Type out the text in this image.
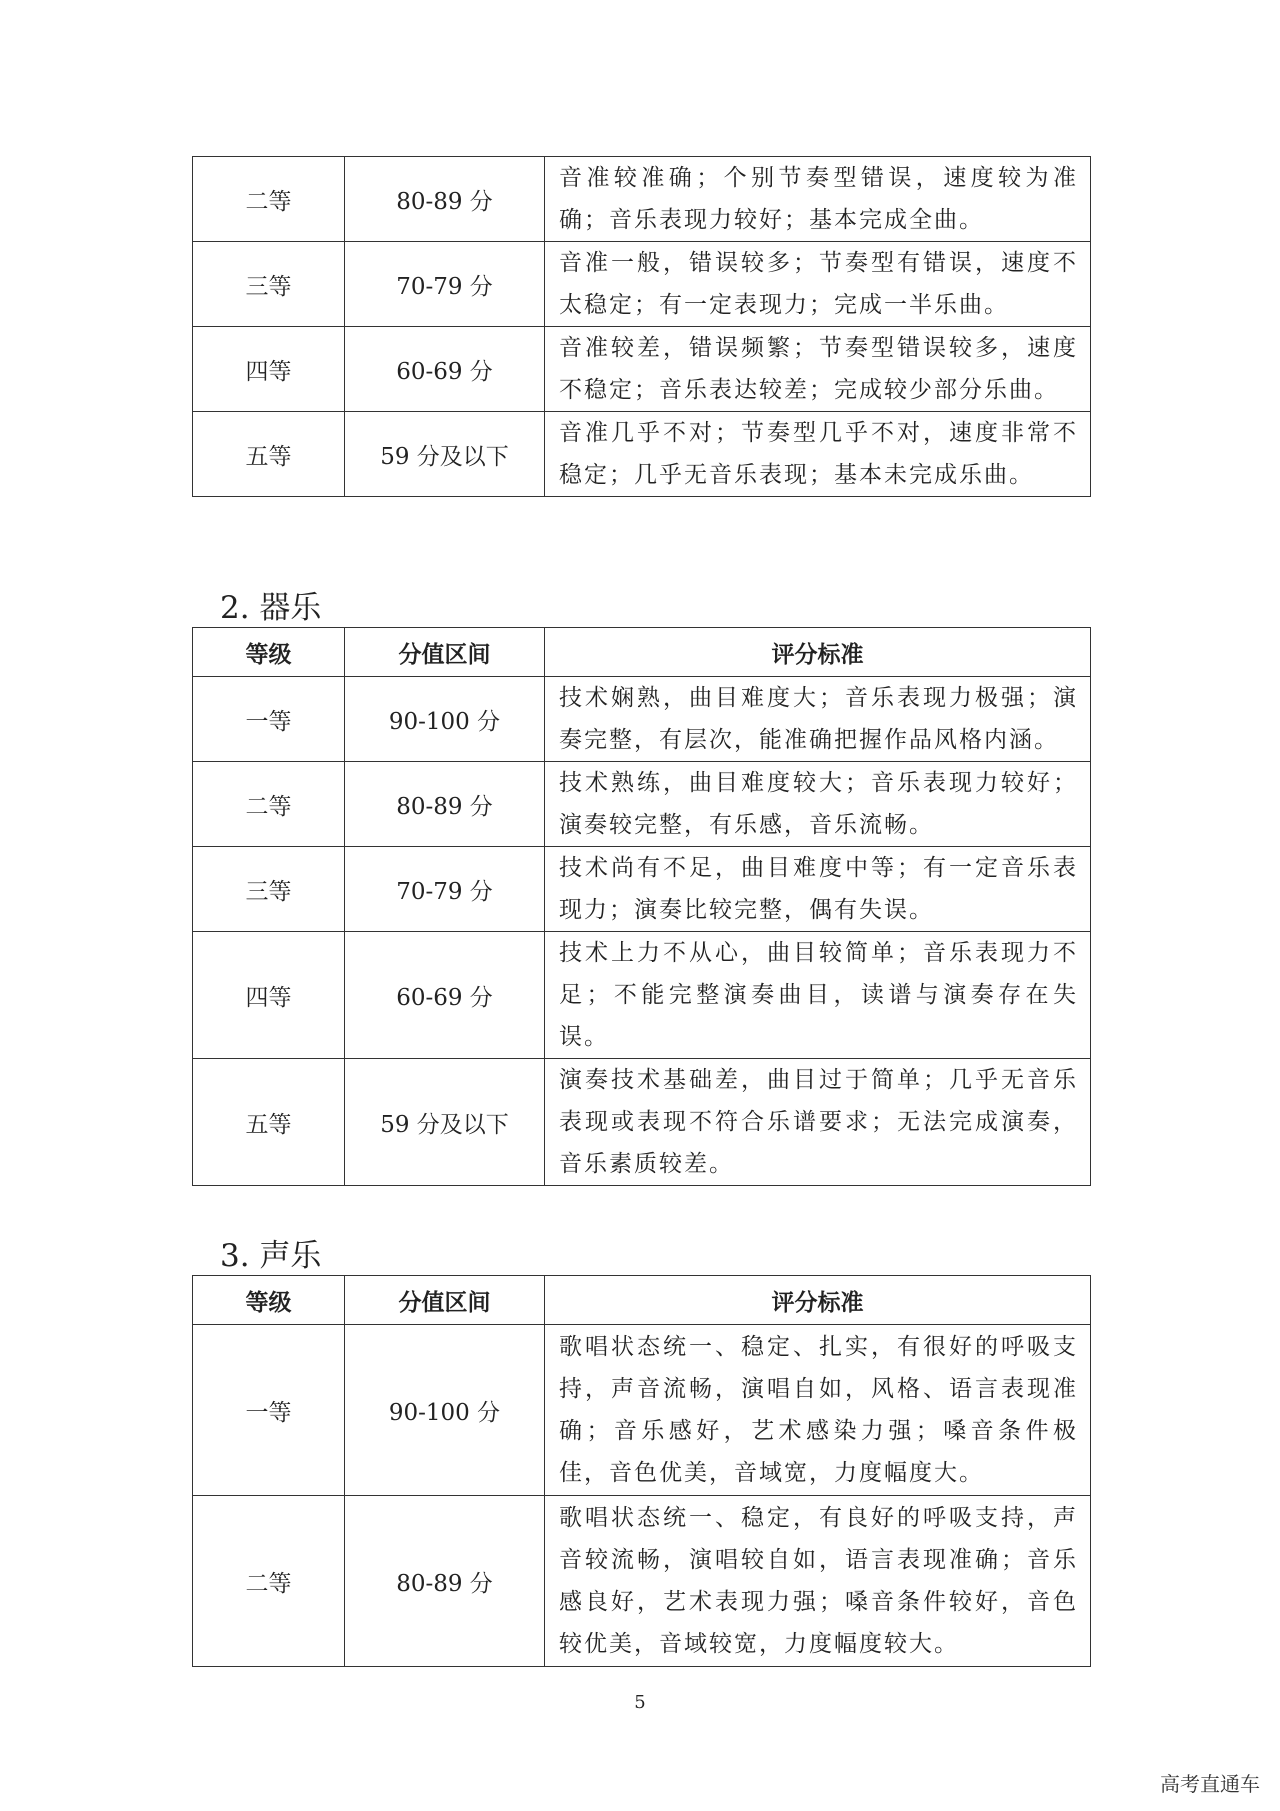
二等	80-89 分	音准较准确；个别节奏型错误，速度较为准确；音乐表现力较好；基本完成全曲。
三等	70-79 分	音准一般，错误较多；节奏型有错误，速度不太稳定；有一定表现力；完成一半乐曲。
四等	60-69 分	音准较差，错误频繁；节奏型错误较多，速度不稳定；音乐表达较差；完成较少部分乐曲。
五等	59 分及以下	音准几乎不对；节奏型几乎不对，速度非常不稳定；几乎无音乐表现；基本未完成乐曲。
2. 器乐
等级	分值区间	评分标准
一等	90-100 分	技术娴熟，曲目难度大；音乐表现力极强；演奏完整，有层次，能准确把握作品风格内涵。
二等	80-89 分	技术熟练，曲目难度较大；音乐表现力较好；演奏较完整，有乐感，音乐流畅。
三等	70-79 分	技术尚有不足，曲目难度中等；有一定音乐表现力；演奏比较完整，偶有失误。
四等	60-69 分	技术上力不从心，曲目较简单；音乐表现力不足；不能完整演奏曲目，读谱与演奏存在失误。
五等	59 分及以下	演奏技术基础差，曲目过于简单；几乎无音乐表现或表现不符合乐谱要求；无法完成演奏，音乐素质较差。
3. 声乐
等级	分值区间	评分标准
一等	90-100 分	歌唱状态统一、稳定、扎实，有很好的呼吸支持，声音流畅，演唱自如，风格、语言表现准确；音乐感好，艺术感染力强；嗓音条件极佳，音色优美，音域宽，力度幅度大。
二等	80-89 分	歌唱状态统一、稳定，有良好的呼吸支持，声音较流畅，演唱较自如，语言表现准确；音乐感良好，艺术表现力强；嗓音条件较好，音色较优美，音域较宽，力度幅度较大。
5
高考直通车
